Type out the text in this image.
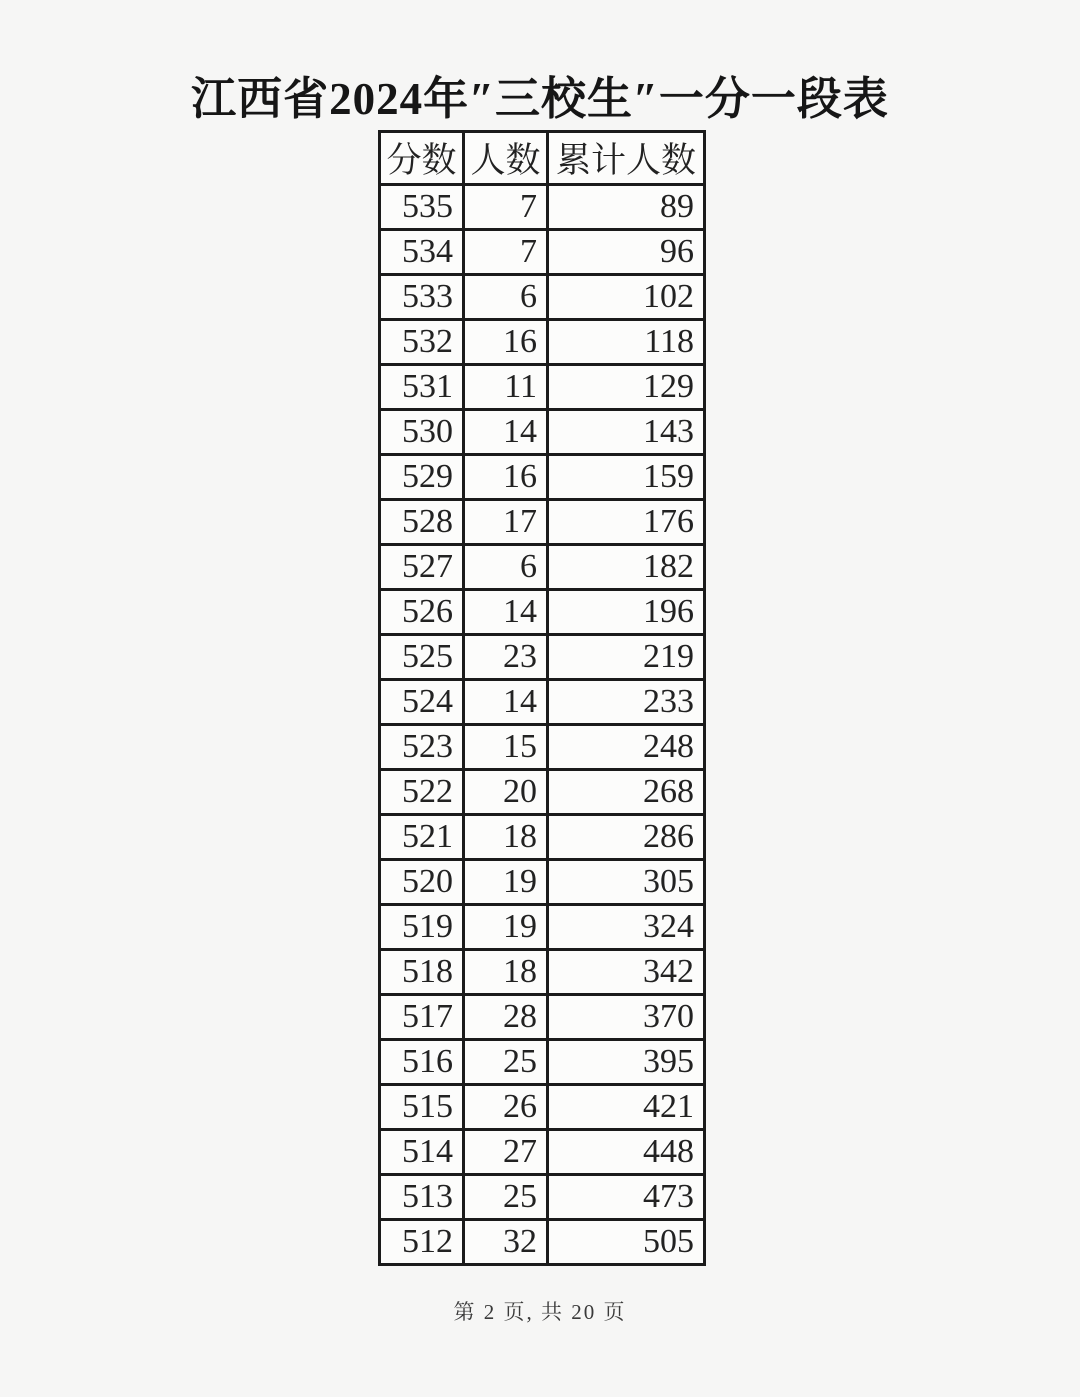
江西省2024年″三校生″一分一段表
分数	人数	累计人数
535	7	89
534	7	96
533	6	102
532	16	118
531	11	129
530	14	143
529	16	159
528	17	176
527	6	182
526	14	196
525	23	219
524	14	233
523	15	248
522	20	268
521	18	286
520	19	305
519	19	324
518	18	342
517	28	370
516	25	395
515	26	421
514	27	448
513	25	473
512	32	505
第 2 页, 共 20 页
